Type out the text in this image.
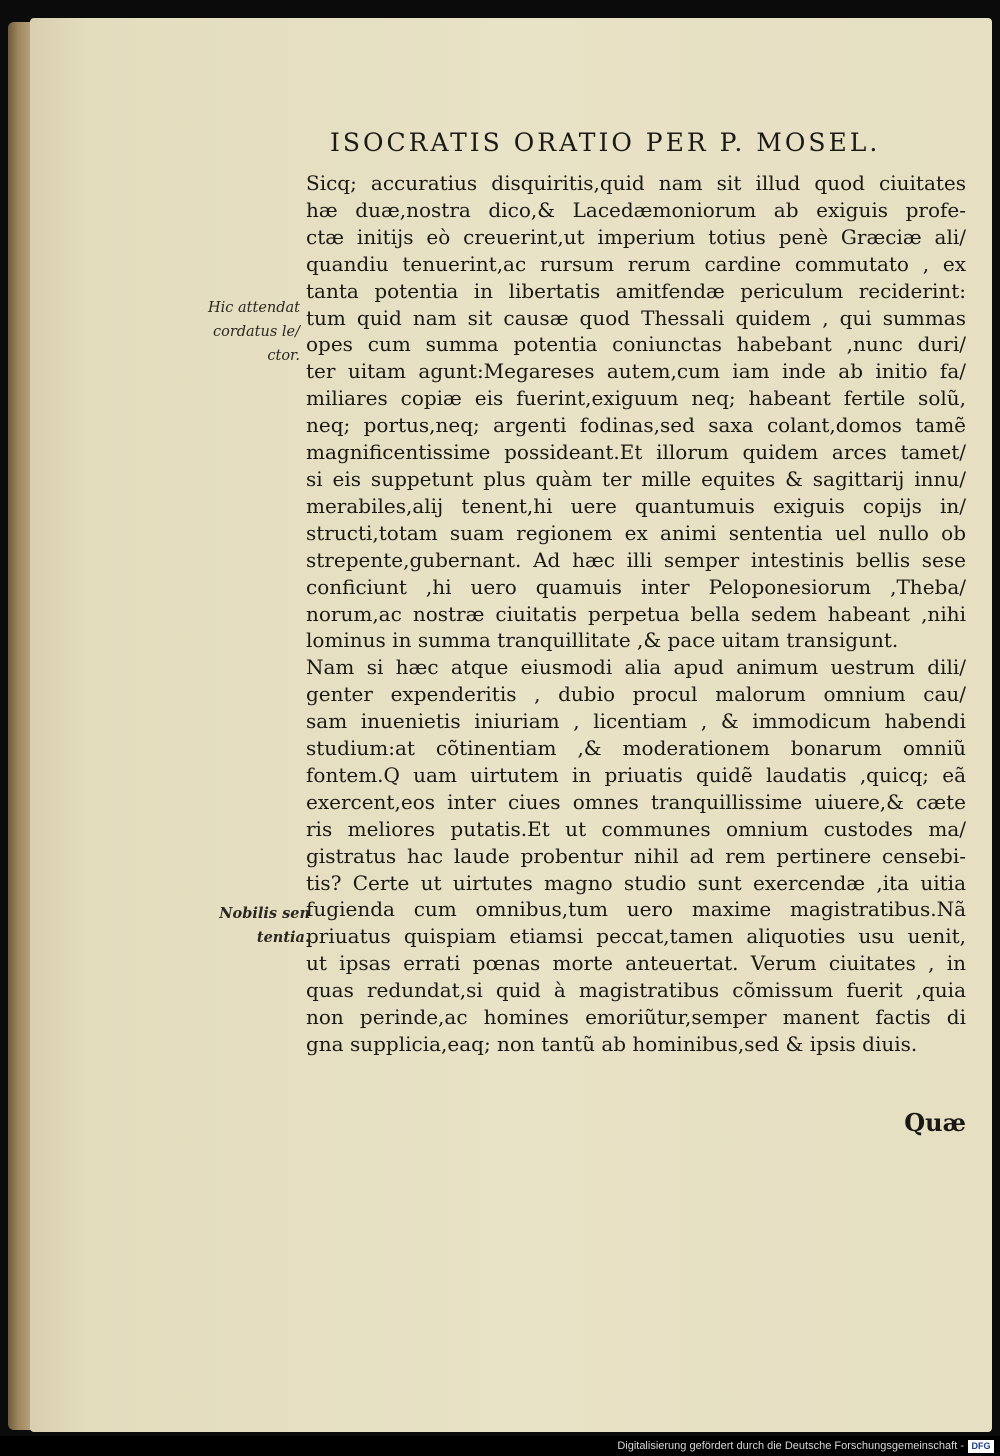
ISOCRATIS ORATIO PER P. MOSEL.
Hic attendat
cordatus le/
ctor.
Nobilis sen
tentia.
Sicq; accuratius disquiritis,quid nam sit illud quod ciuitates
hæ duæ,nostra dico,& Lacedæmoniorum ab exiguis profe-
ctæ initijs eò creuerint,ut imperium totius penè Græciæ ali/
quandiu tenuerint,ac rursum rerum cardine commutato , ex
tanta potentia in libertatis amitfendæ periculum reciderint:
tum quid nam sit causæ quod Thessali quidem , qui summas
opes cum summa potentia coniunctas habebant ,nunc duri/
ter uitam agunt:Megareses autem,cum iam inde ab initio fa/
miliares copiæ eis fuerint,exiguum neq; habeant fertile solũ,
neq; portus,neq; argenti fodinas,sed saxa colant,domos tamẽ
magnificentissime possideant.Et illorum quidem arces tamet/
si eis suppetunt plus quàm ter mille equites & sagittarij innu/
merabiles,alij tenent,hi uere quantumuis exiguis copijs in/
structi,totam suam regionem ex animi sententia uel nullo ob
strepente,gubernant. Ad hæc illi semper intestinis bellis sese
conficiunt ,hi uero quamuis inter Peloponesiorum ,Theba/
norum,ac nostræ ciuitatis perpetua bella sedem habeant ,nihi
lominus in summa tranquillitate ,& pace uitam transigunt.
Nam si hæc atque eiusmodi alia apud animum uestrum dili/
genter expenderitis , dubio procul malorum omnium cau/
sam inuenietis iniuriam , licentiam , & immodicum habendi
studium:at cõtinentiam ,& moderationem bonarum omniũ
fontem.Q uam uirtutem in priuatis quidẽ laudatis ,quicq; eã
exercent,eos inter ciues omnes tranquillissime uiuere,& cæte
ris meliores putatis.Et ut communes omnium custodes ma/
gistratus hac laude probentur nihil ad rem pertinere censebi-
tis? Certe ut uirtutes magno studio sunt exercendæ ,ita uitia
fugienda cum omnibus,tum uero maxime magistratibus.Nã
priuatus quispiam etiamsi peccat,tamen aliquoties usu uenit,
ut ipsas errati pœnas morte anteuertat. Verum ciuitates , in
quas redundat,si quid à magistratibus cõmissum fuerit ,quia
non perinde,ac homines emoriũtur,semper manent factis di
gna supplicia,eaq; non tantũ ab hominibus,sed & ipsis diuis.
Quæ
Digitalisierung gefördert durch die Deutsche Forschungsgemeinschaft - DFG
